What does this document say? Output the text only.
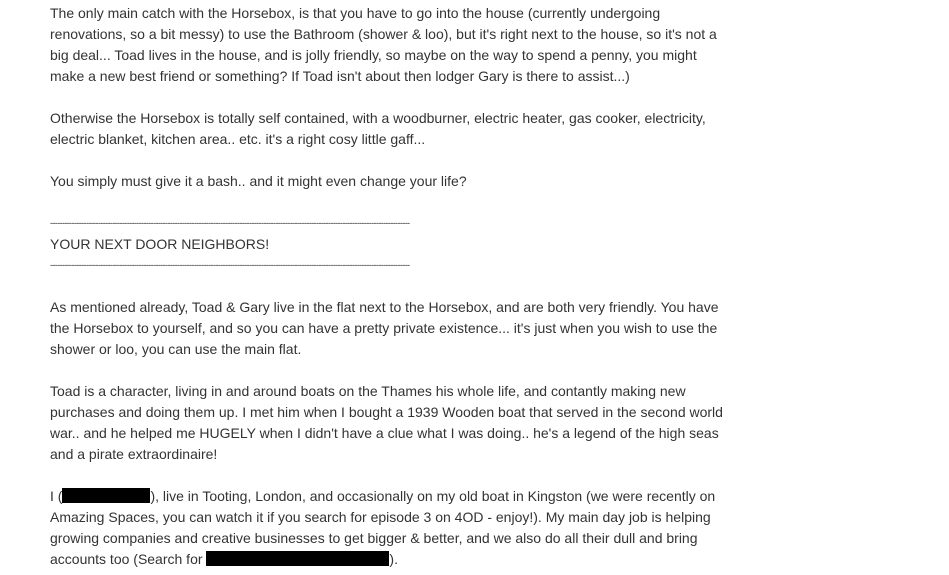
The only main catch with the Horsebox, is that you have to go into the house (currently undergoing renovations, so a bit messy) to use the Bathroom (shower & loo), but it's right next to the house, so it's not a big deal... Toad lives in the house, and is jolly friendly, so maybe on the way to spend a penny, you might make a new best friend or something? If Toad isn't about then lodger Gary is there to assist...)

Otherwise the Horsebox is totally self contained, with a woodburner, electric heater, gas cooker, electricity, electric blanket, kitchen area.. etc. it's a right cosy little gaff...

You simply must give it a bash.. and it might even change your life?

------------------------------------------------------------------------------------------------------------------------------------------------------

YOUR NEXT DOOR NEIGHBORS!

------------------------------------------------------------------------------------------------------------------------------------------------------

As mentioned already, Toad & Gary live in the flat next to the Horsebox, and are both very friendly. You have the Horsebox to yourself, and so you can have a pretty private existence... it's just when you wish to use the shower or loo, you can use the main flat.

Toad is a character, living in and around boats on the Thames his whole life, and contantly making new purchases and doing them up. I met him when I bought a 1939 Wooden boat that served in the second world war.. and he helped me HUGELY when I didn't have a clue what I was doing.. he's a legend of the high seas and a pirate extraordinaire!

I (	), live in Tooting, London, and occasionally on my old boat in Kingston (we were recently on Amazing Spaces, you can watch it if you search for episode 3 on 4OD - enjoy!). My main day job is helping growing companies and creative businesses to get bigger & better, and we also do all their dull and bring accounts too (Search for	).
